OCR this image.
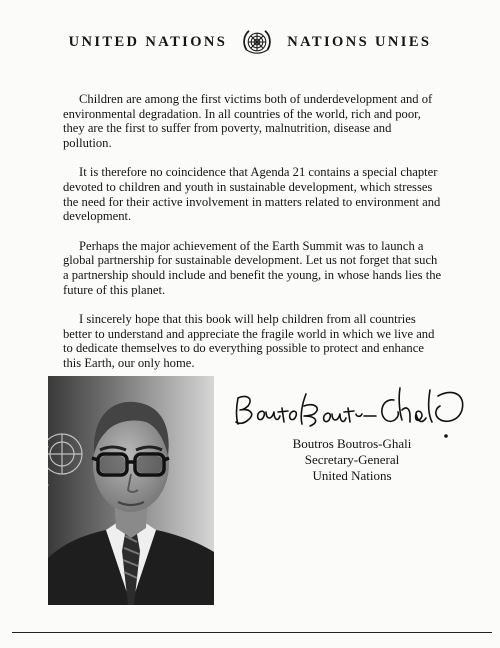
UNITED NATIONS	NATIONS UNIES

Children are among the first victims both of underdevelopment and of environmental degradation. In all countries of the world, rich and poor, they are the first to suffer from poverty, malnutrition, disease and pollution.

It is therefore no coincidence that Agenda 21 contains a special chapter devoted to children and youth in sustainable development, which stresses the need for their active involvement in matters related to environment and development.

Perhaps the major achievement of the Earth Summit was to launch a global partnership for sustainable development. Let us not forget that such a partnership should include and benefit the young, in whose hands lies the future of this planet.

I sincerely hope that this book will help children from all countries better to understand and appreciate the fragile world in which we live and to dedicate themselves to do everything possible to protect and enhance this Earth, our only home.

Boutros Boutros-Ghali
Secretary-General
United Nations
